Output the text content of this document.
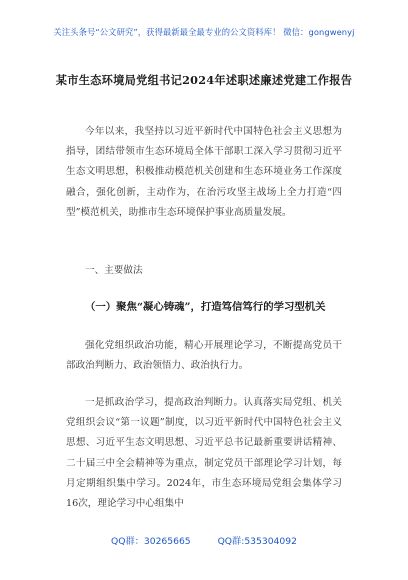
关注头条号“公文研究”，获得最新最全最专业的公文资料库！ 微信：gongwenyj
某市生态环境局党组书记2024年述职述廉述党建工作报告

今年以来，我坚持以习近平新时代中国特色社会主义思想为指导，团结带领市生态环境局全体干部职工深入学习贯彻习近平生态文明思想，积极推动模范机关创建和生态环境业务工作深度融合，强化创新，主动作为，在治污攻坚主战场上全力打造“四型”模范机关，助推市生态环境保护事业高质量发展。

一、主要做法
（一）聚焦“凝心铸魂”，打造笃信笃行的学习型机关

强化党组织政治功能，精心开展理论学习，不断提高党员干部政治判断力、政治领悟力、政治执行力。

一是抓政治学习，提高政治判断力。认真落实局党组、机关党组织会议“第一议题”制度，以习近平新时代中国特色社会主义思想、习近平生态文明思想、习近平总书记最新重要讲话精神、二十届三中全会精神等为重点，制定党员干部理论学习计划，每月定期组织集中学习。2024年，市生态环境局党组会集体学习16次，理论学习中心组集中

QQ群：30265665	QQ群:535304092
